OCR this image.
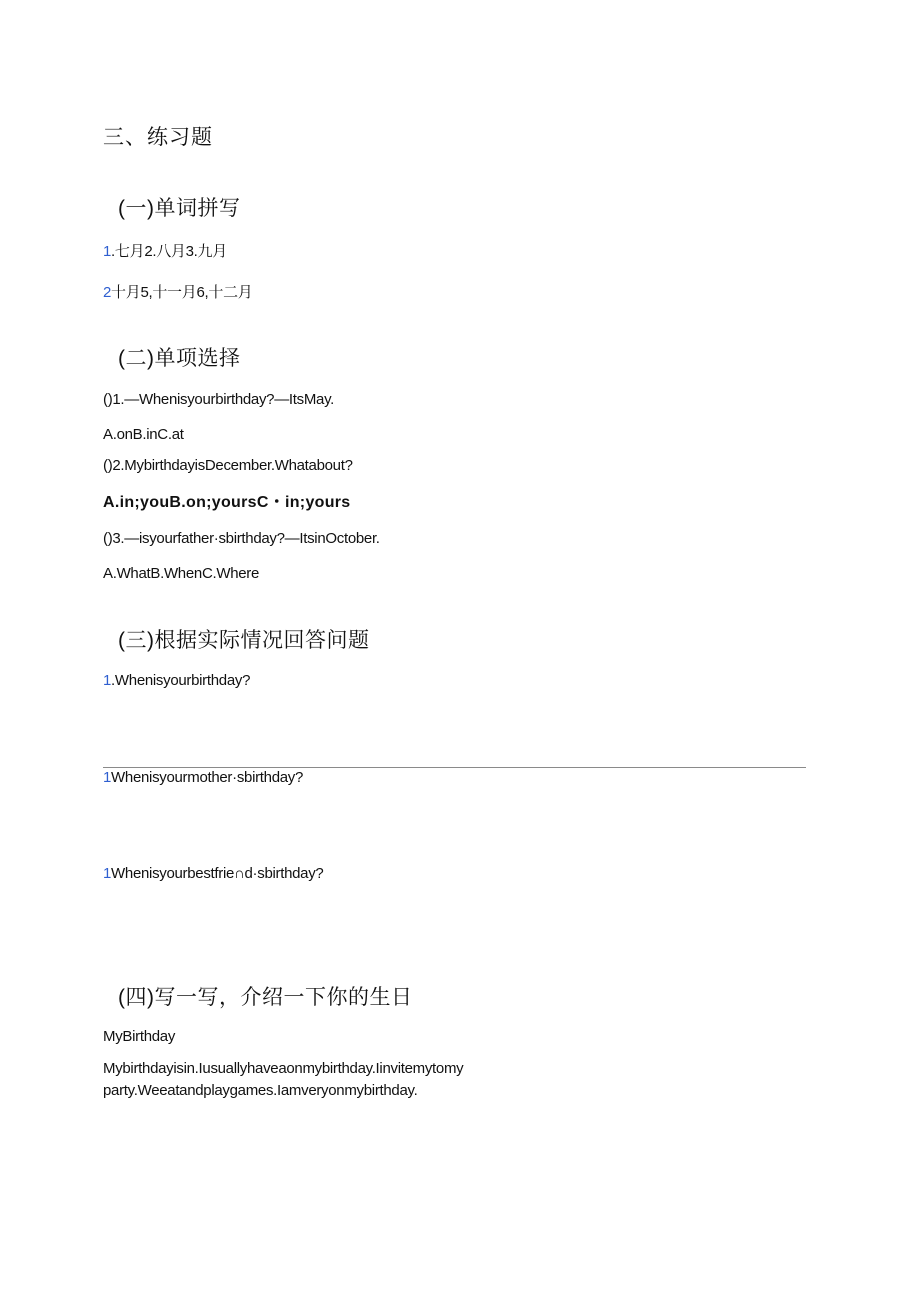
三、练习题
(一)单词拼写
1.七月2.八月3.九月
2十月5,十一月6,十二月
(二)单项选择
()1.—Whenisyourbirthday?—ItsMay.
A.onB.inC.at
()2.MybirthdayisDecember.Whatabout?
A.in;youB.on;yoursC・in;yours
()3.—isyourfather·sbirthday?—ItsinOctober.
A.WhatB.WhenC.Where
(三)根据实际情况回答问题
1.Whenisyourbirthday?
1Whenisyourmother·sbirthday?
1Whenisyourbestfrie∩d·sbirthday?
(四)写一写，介绍一下你的生日
MyBirthday
Mybirthdayisin.Iusuallyhaveaonmybirthday.Iinvitemytomy
party.Weeatandplaygames.Iamveryonmybirthday.
